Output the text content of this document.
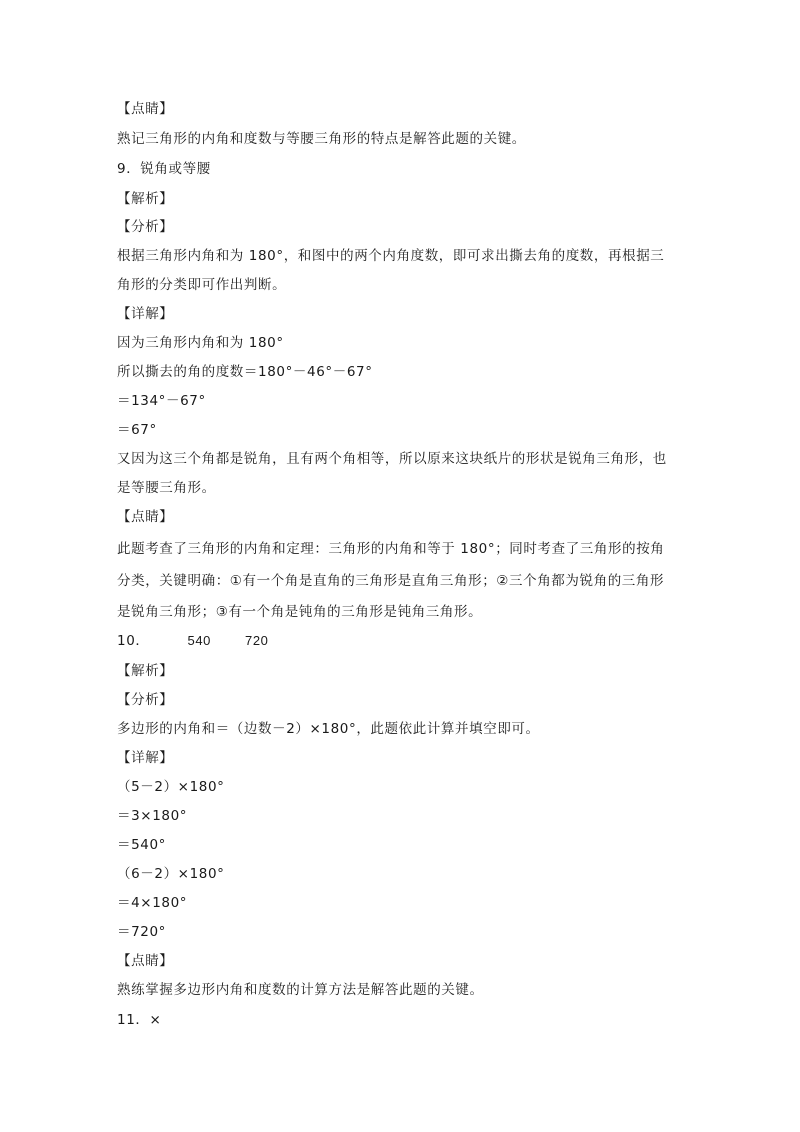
【点睛】
熟记三角形的内角和度数与等腰三角形的特点是解答此题的关键。
9．锐角或等腰
【解析】
【分析】
根据三角形内角和为 180°，和图中的两个内角度数，即可求出撕去角的度数，再根据三
角形的分类即可作出判断。
【详解】
因为三角形内角和为 180°
所以撕去的角的度数＝180°－46°－67°
＝134°－67°
＝67°
又因为这三个角都是锐角，且有两个角相等，所以原来这块纸片的形状是锐角三角形，也
是等腰三角形。
【点睛】
此题考查了三角形的内角和定理：三角形的内角和等于 180°；同时考查了三角形的按角
分类，关键明确：①有一个角是直角的三角形是直角三角形；②三个角都为锐角的三角形
是锐角三角形；③有一个角是钝角的三角形是钝角三角形。
10．	540	720
【解析】
【分析】
多边形的内角和＝（边数－2）×180°，此题依此计算并填空即可。
【详解】
（5－2）×180°
＝3×180°
＝540°
（6－2）×180°
＝4×180°
＝720°
【点睛】
熟练掌握多边形内角和度数的计算方法是解答此题的关键。
11．×
